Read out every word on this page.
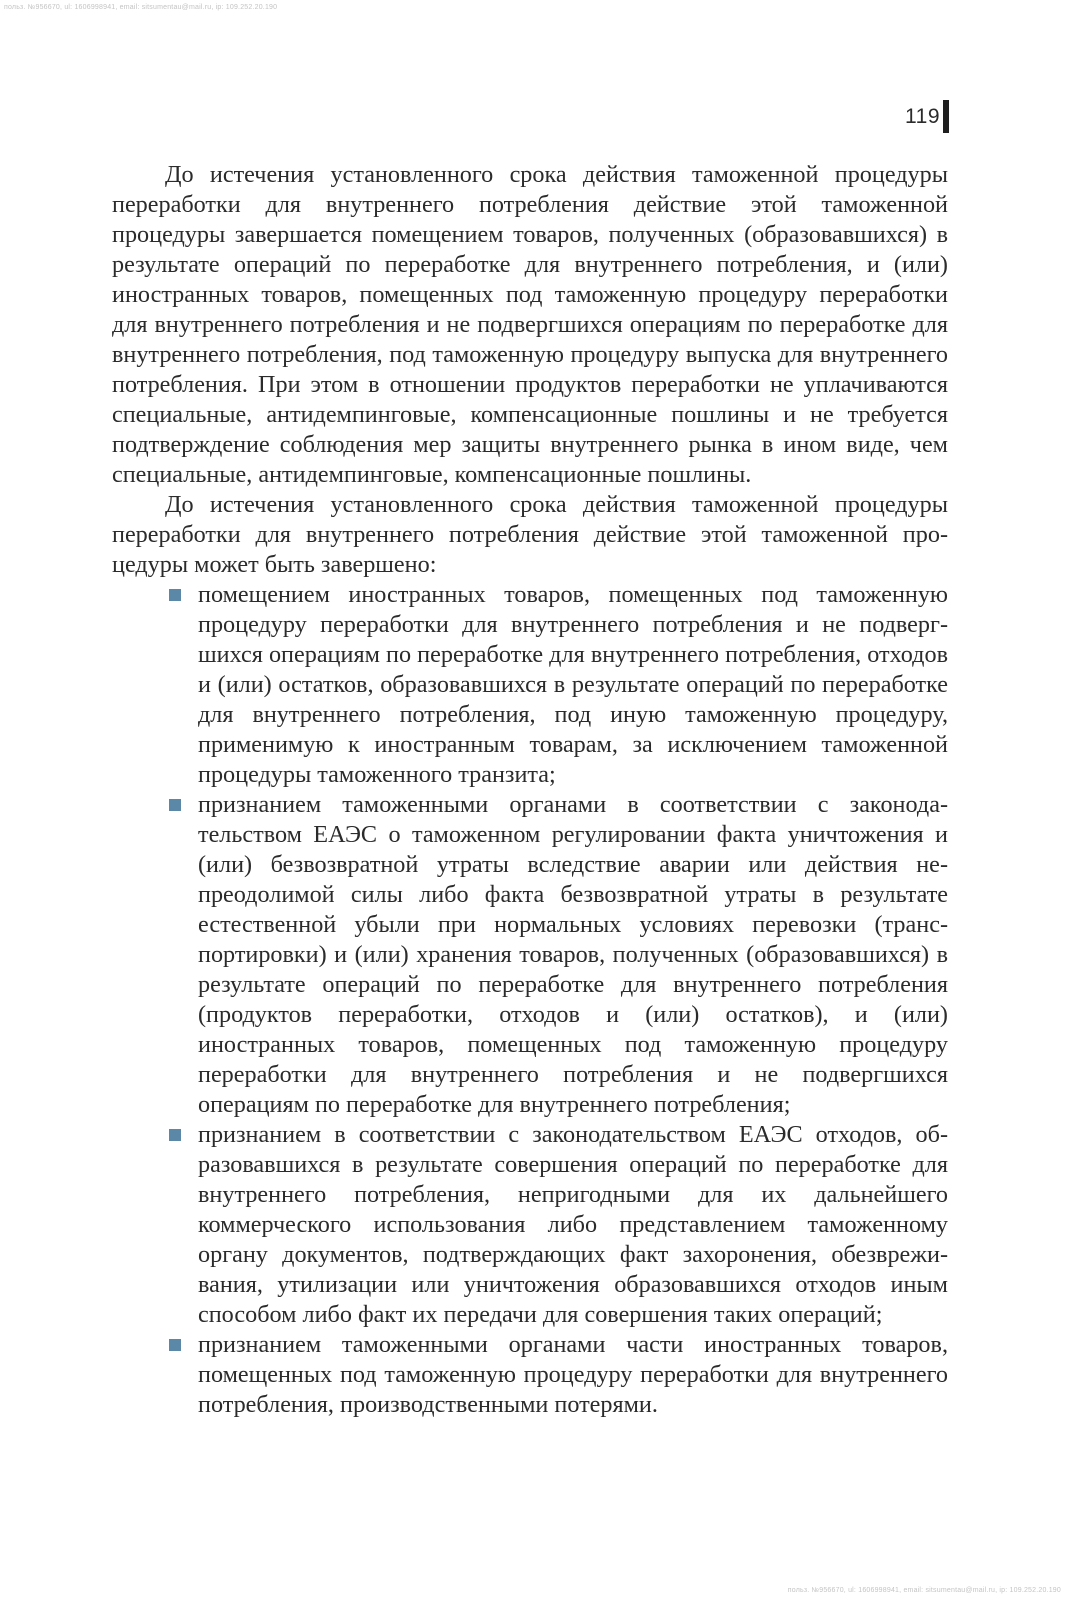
польз. №956670, ul: 1606998941, email: sitsumentau@mail.ru, ip: 109.252.20.190
119

До истечения установленного срока действия таможенной процедуры переработки для внутреннего потребления действие этой таможенной процедуры завершается помещением товаров, полученных (образовавшихся) в результате операций по переработке для внутреннего потребления, и (или) иностранных товаров, помещенных под таможенную процедуру переработки для внутреннего потребления и не подвергшихся операциям по переработке для внутреннего потребления, под таможенную процедуру выпуска для внутреннего потребления. При этом в отношении продуктов переработки не уплачиваются специальные, антидемпинговые, компенсационные пошлины и не требуется подтверждение соблюдения мер защиты внутреннего рынка в ином виде, чем специальные, антидемпинговые, компенсационные пошлины.

До истечения установленного срока действия таможенной процедуры переработки для внутреннего потребления действие этой таможенной процедуры может быть завершено:

помещением иностранных товаров, помещенных под таможенную процедуру переработки для внутреннего потребления и не подвергшихся операциям по переработке для внутреннего потребления, отходов и (или) остатков, образовавшихся в результате операций по переработке для внутреннего потребления, под иную таможенную процедуру, применимую к иностранным товарам, за исключением таможенной процедуры таможенного транзита;
признанием таможенными органами в соответствии с законодательством ЕАЭС о таможенном регулировании факта уничтожения и (или) безвозвратной утраты вследствие аварии или действия непреодолимой силы либо факта безвозвратной утраты в результате естественной убыли при нормальных условиях перевозки (транспортировки) и (или) хранения товаров, полученных (образовавшихся) в результате операций по переработке для внутреннего потребления (продуктов переработки, отходов и (или) остатков), и (или) иностранных товаров, помещенных под таможенную процедуру переработки для внутреннего потребления и не подвергшихся операциям по переработке для внутреннего потребления;
признанием в соответствии с законодательством ЕАЭС отходов, образовавшихся в результате совершения операций по переработке для внутреннего потребления, непригодными для их дальнейшего коммерческого использования либо представлением таможенному органу документов, подтверждающих факт захоронения, обезвреживания, утилизации или уничтожения образовавшихся отходов иным способом либо факт их передачи для совершения таких операций;
признанием таможенными органами части иностранных товаров, помещенных под таможенную процедуру переработки для внутреннего потребления, производственными потерями.
польз. №956670, ul: 1606998941, email: sitsumentau@mail.ru, ip: 109.252.20.190
